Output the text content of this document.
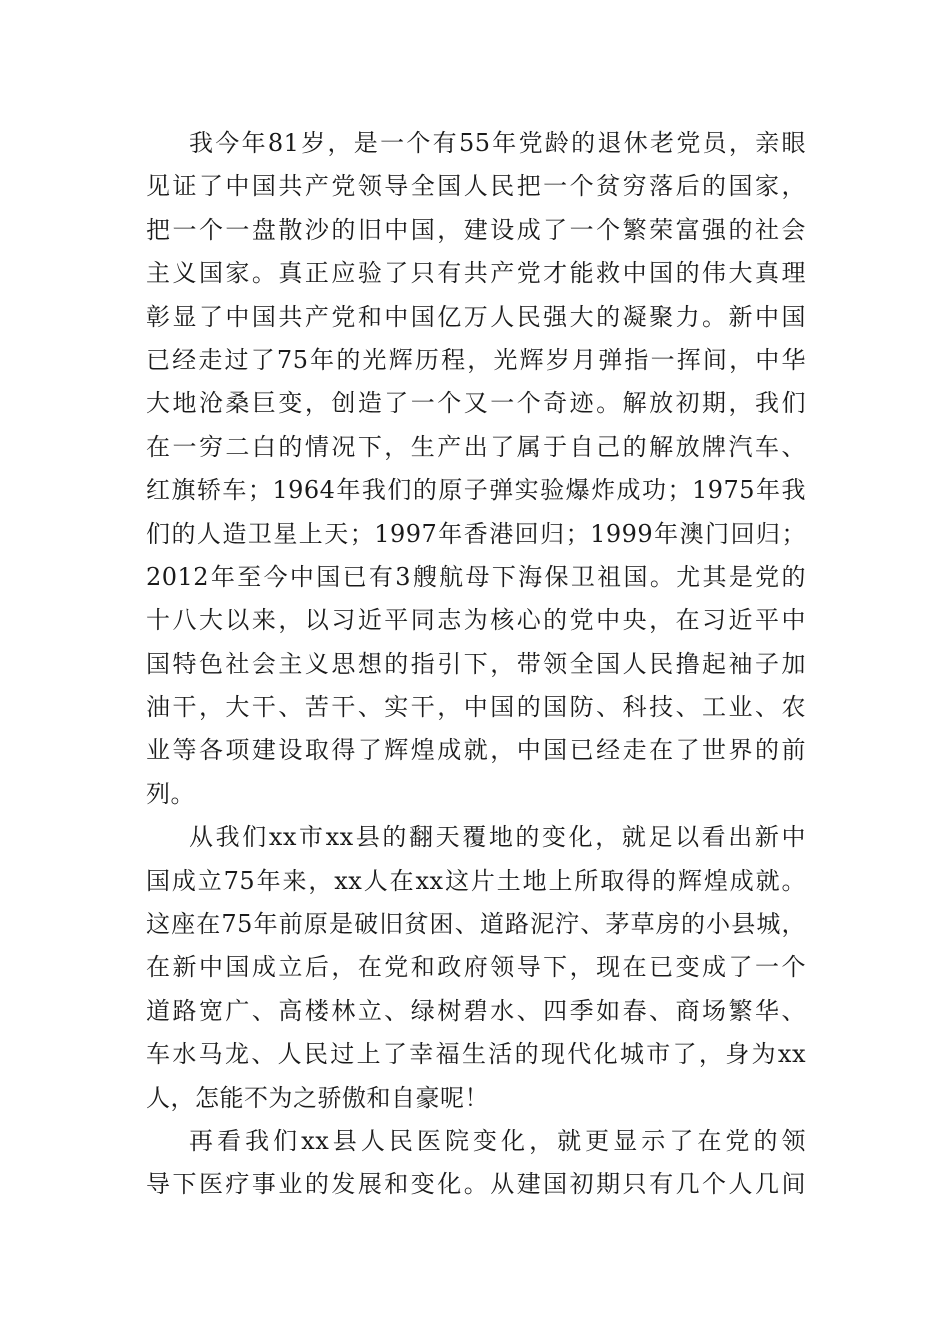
我今年81岁，是一个有55年党龄的退休老党员，亲眼
见证了中国共产党领导全国人民把一个贫穷落后的国家，
把一个一盘散沙的旧中国，建设成了一个繁荣富强的社会
主义国家。真正应验了只有共产党才能救中国的伟大真理
彰显了中国共产党和中国亿万人民强大的凝聚力。新中国
已经走过了75年的光辉历程，光辉岁月弹指一挥间，中华
大地沧桑巨变，创造了一个又一个奇迹。解放初期，我们
在一穷二白的情况下，生产出了属于自己的解放牌汽车、
红旗轿车；1964年我们的原子弹实验爆炸成功；1975年我
们的人造卫星上天；1997年香港回归；1999年澳门回归；
2012年至今中国已有3艘航母下海保卫祖国。尤其是党的
十八大以来，以习近平同志为核心的党中央，在习近平中
国特色社会主义思想的指引下，带领全国人民撸起袖子加
油干，大干、苦干、实干，中国的国防、科技、工业、农
业等各项建设取得了辉煌成就，中国已经走在了世界的前
列。
从我们xx市xx县的翻天覆地的变化，就足以看出新中
国成立75年来，xx人在xx这片土地上所取得的辉煌成就。
这座在75年前原是破旧贫困、道路泥泞、茅草房的小县城，
在新中国成立后，在党和政府领导下，现在已变成了一个
道路宽广、高楼林立、绿树碧水、四季如春、商场繁华、
车水马龙、人民过上了幸福生活的现代化城市了，身为xx
人，怎能不为之骄傲和自豪呢！
再看我们xx县人民医院变化，就更显示了在党的领
导下医疗事业的发展和变化。从建国初期只有几个人几间
